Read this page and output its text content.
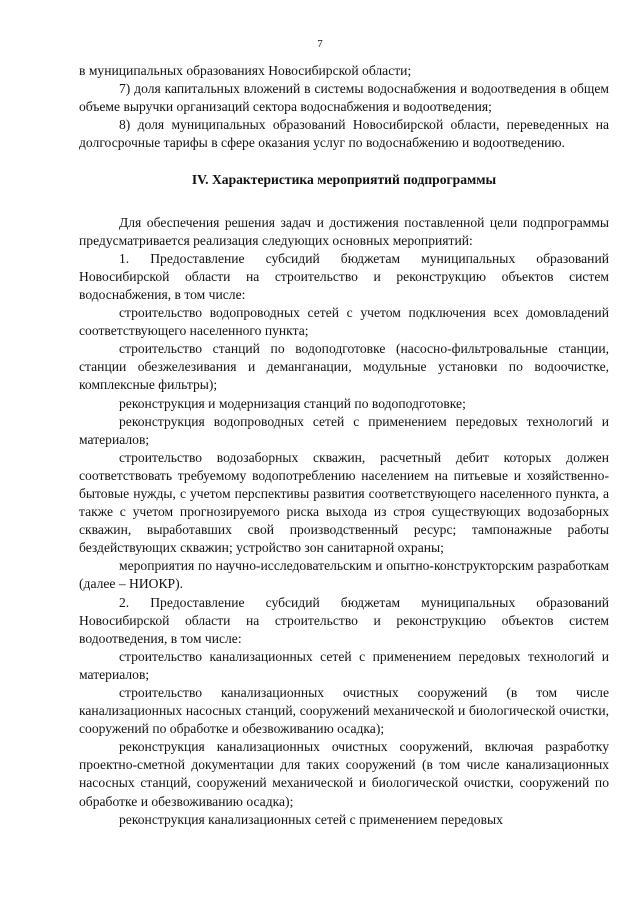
7

в муниципальных образованиях Новосибирской области;

7) доля капитальных вложений в системы водоснабжения и водоотведения в общем объеме выручки организаций сектора водоснабжения и водоотведения;

8) доля муниципальных образований Новосибирской области, переведенных на долгосрочные тарифы в сфере оказания услуг по водоснабжению и водоотведению.

IV. Характеристика мероприятий подпрограммы

Для обеспечения решения задач и достижения поставленной цели подпрограммы предусматривается реализация следующих основных мероприятий:

1. Предоставление субсидий бюджетам муниципальных образований Новосибирской области на строительство и реконструкцию объектов систем водоснабжения, в том числе:

строительство водопроводных сетей с учетом подключения всех домовладений соответствующего населенного пункта;

строительство станций по водоподготовке (насосно-фильтровальные станции, станции обезжелезивания и деманганации, модульные установки по водоочистке, комплексные фильтры);

реконструкция и модернизация станций по водоподготовке;

реконструкция водопроводных сетей с применением передовых технологий и материалов;

строительство водозаборных скважин, расчетный дебит которых должен соответствовать требуемому водопотреблению населением на питьевые и хозяйственно-бытовые нужды, с учетом перспективы развития соответствующего населенного пункта, а также с учетом прогнозируемого риска выхода из строя существующих водозаборных скважин, выработавших свой производственный ресурс; тампонажные работы бездействующих скважин; устройство зон санитарной охраны;

мероприятия по научно-исследовательским и опытно-конструкторским разработкам (далее – НИОКР).

2. Предоставление субсидий бюджетам муниципальных образований Новосибирской области на строительство и реконструкцию объектов систем водоотведения, в том числе:

строительство канализационных сетей с применением передовых технологий и материалов;

строительство канализационных очистных сооружений (в том числе канализационных насосных станций, сооружений механической и биологической очистки, сооружений по обработке и обезвоживанию осадка);

реконструкция канализационных очистных сооружений, включая разработку проектно-сметной документации для таких сооружений (в том числе канализационных насосных станций, сооружений механической и биологической очистки, сооружений по обработке и обезвоживанию осадка);

реконструкция канализационных сетей с применением передовых
